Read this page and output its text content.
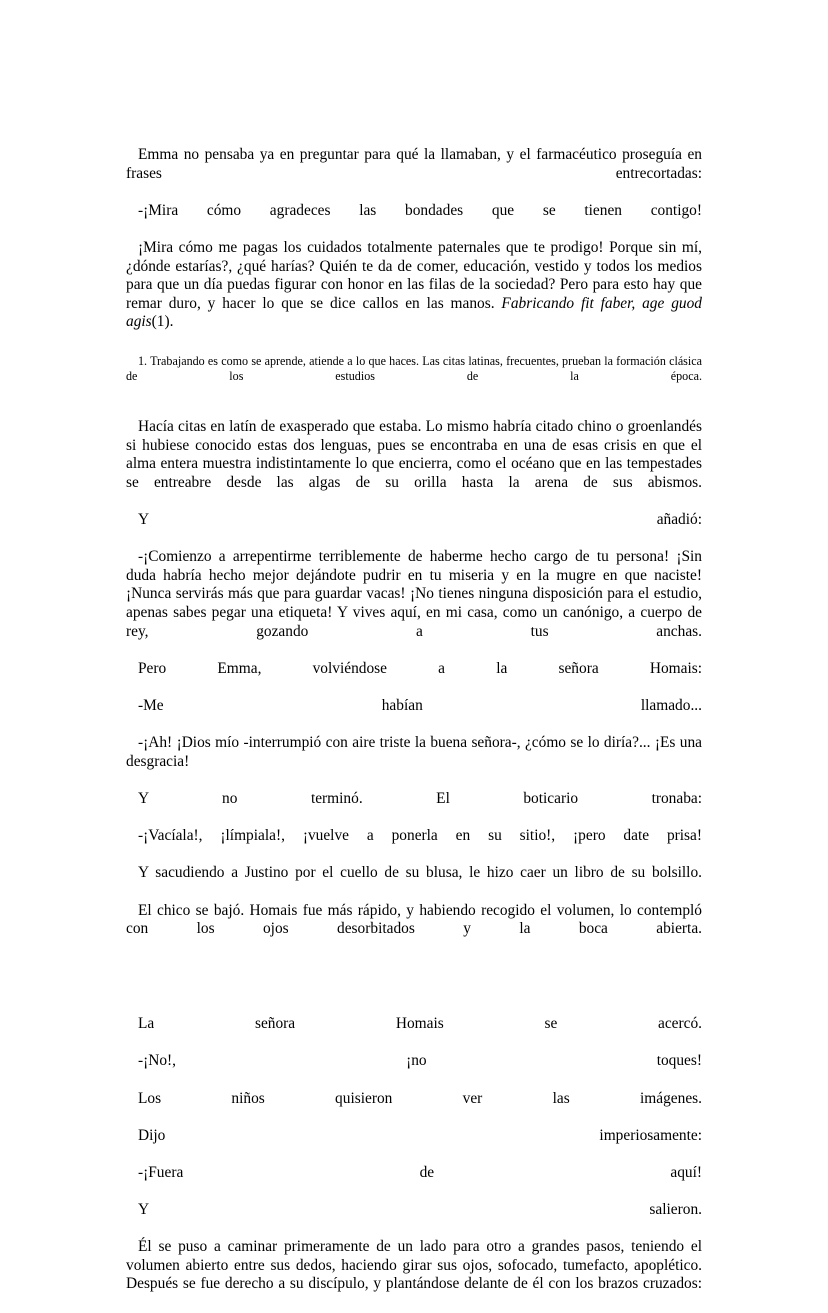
Emma no pensaba ya en preguntar para qué la llamaban, y el farmacéutico proseguía en frases entrecortadas:

-¡Mira cómo agradeces las bondades que se tienen contigo!

¡Mira cómo me pagas los cuidados totalmente paternales que te prodigo! Porque sin mí, ¿dónde estarías?, ¿qué harías? Quién te da de comer, educación, vestido y todos los medios para que un día puedas figurar con honor en las filas de la sociedad? Pero para esto hay que remar duro, y hacer lo que se dice callos en las manos. Fabricando fit faber, age guod agis(1).

1. Trabajando es como se aprende, atiende a lo que haces. Las citas latinas, frecuentes, prueban la formación clásica de los estudios de la época.

Hacía citas en latín de exasperado que estaba. Lo mismo habría citado chino o groenlandés si hubiese conocido estas dos lenguas, pues se encontraba en una de esas crisis en que el alma entera muestra indistintamente lo que encierra, como el océano que en las tempestades se entreabre desde las algas de su orilla hasta la arena de sus abismos.

Y añadió:

-¡Comienzo a arrepentirme terriblemente de haberme hecho cargo de tu persona! ¡Sin duda habría hecho mejor dejándote pudrir en tu miseria y en la mugre en que naciste! ¡Nunca servirás más que para guardar vacas! ¡No tienes ninguna disposición para el estudio, apenas sabes pegar una etiqueta! Y vives aquí, en mi casa, como un canónigo, a cuerpo de rey, gozando a tus anchas.

Pero Emma, volviéndose a la señora Homais:

-Me habían llamado...

-¡Ah! ¡Dios mío -interrumpió con aire triste la buena señora-, ¿cómo se lo diría?... ¡Es una desgracia!

Y no terminó. El boticario tronaba:

-¡Vacíala!, ¡límpiala!, ¡vuelve a ponerla en su sitio!, ¡pero date prisa!

Y sacudiendo a Justino por el cuello de su blusa, le hizo caer un libro de su bolsillo.

El chico se bajó. Homais fue más rápido, y habiendo recogido el volumen, lo contempló con los ojos desorbitados y la boca abierta.

La señora Homais se acercó.

-¡No!, ¡no toques!

Los niños quisieron ver las imágenes.

Dijo imperiosamente:

-¡Fuera de aquí!

Y salieron.

Él se puso a caminar primeramente de un lado para otro a grandes pasos, teniendo el volumen abierto entre sus dedos, haciendo girar sus ojos, sofocado, tumefacto, apoplético. Después se fue derecho a su discípulo, y plantándose delante de él con los brazos cruzados:
